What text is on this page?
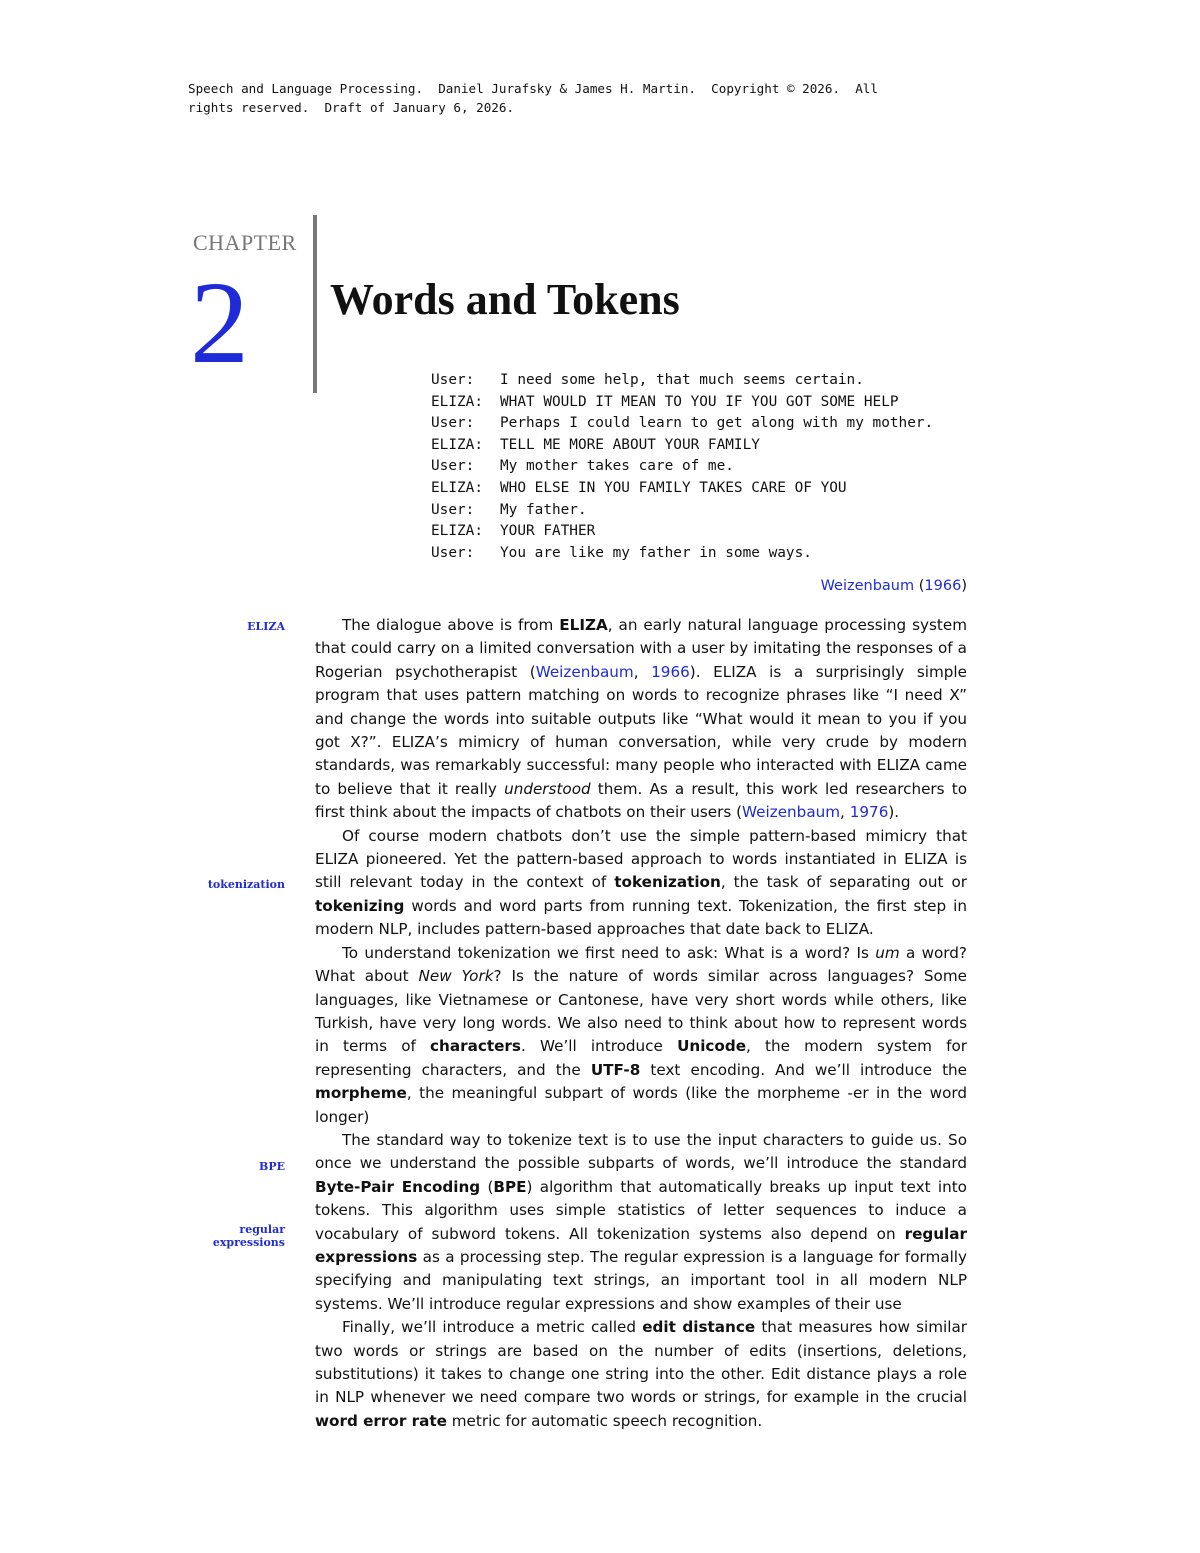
Speech and Language Processing.  Daniel Jurafsky & James H. Martin.  Copyright © 2026.  All
rights reserved.  Draft of January 6, 2026.
CHAPTER
2 Words and Tokens
User:	I need some help, that much seems certain.
ELIZA:	WHAT WOULD IT MEAN TO YOU IF YOU GOT SOME HELP
User:	Perhaps I could learn to get along with my mother.
ELIZA:	TELL ME MORE ABOUT YOUR FAMILY
User:	My mother takes care of me.
ELIZA:	WHO ELSE IN YOU FAMILY TAKES CARE OF YOU
User:	My father.
ELIZA:	YOUR FATHER
User:	You are like my father in some ways.
Weizenbaum (1966)
ELIZA
tokenization
BPE
regular
expressions

The dialogue above is from ELIZA, an early natural language processing system that could carry on a limited conversation with a user by imitating the responses of a Rogerian psychotherapist (Weizenbaum, 1966). ELIZA is a surprisingly simple program that uses pattern matching on words to recognize phrases like “I need X” and change the words into suitable outputs like “What would it mean to you if you got X?”. ELIZA’s mimicry of human conversation, while very crude by modern standards, was remarkably successful: many people who interacted with ELIZA came to believe that it really understood them. As a result, this work led researchers to first think about the impacts of chatbots on their users (Weizenbaum, 1976).

Of course modern chatbots don’t use the simple pattern-based mimicry that ELIZA pioneered. Yet the pattern-based approach to words instantiated in ELIZA is still relevant today in the context of tokenization, the task of separating out or tokenizing words and word parts from running text. Tokenization, the first step in modern NLP, includes pattern-based approaches that date back to ELIZA.

To understand tokenization we first need to ask: What is a word? Is um a word? What about New York? Is the nature of words similar across languages? Some languages, like Vietnamese or Cantonese, have very short words while others, like Turkish, have very long words. We also need to think about how to represent words in terms of characters. We’ll introduce Unicode, the modern system for representing characters, and the UTF-8 text encoding. And we’ll introduce the morpheme, the meaningful subpart of words (like the morpheme -er in the word longer)

The standard way to tokenize text is to use the input characters to guide us. So once we understand the possible subparts of words, we’ll introduce the standard Byte-Pair Encoding (BPE) algorithm that automatically breaks up input text into tokens. This algorithm uses simple statistics of letter sequences to induce a vocabulary of subword tokens. All tokenization systems also depend on regular expressions as a processing step. The regular expression is a language for formally specifying and manipulating text strings, an important tool in all modern NLP systems. We’ll introduce regular expressions and show examples of their use

Finally, we’ll introduce a metric called edit distance that measures how similar two words or strings are based on the number of edits (insertions, deletions, substitutions) it takes to change one string into the other. Edit distance plays a role in NLP whenever we need compare two words or strings, for example in the crucial word error rate metric for automatic speech recognition.
